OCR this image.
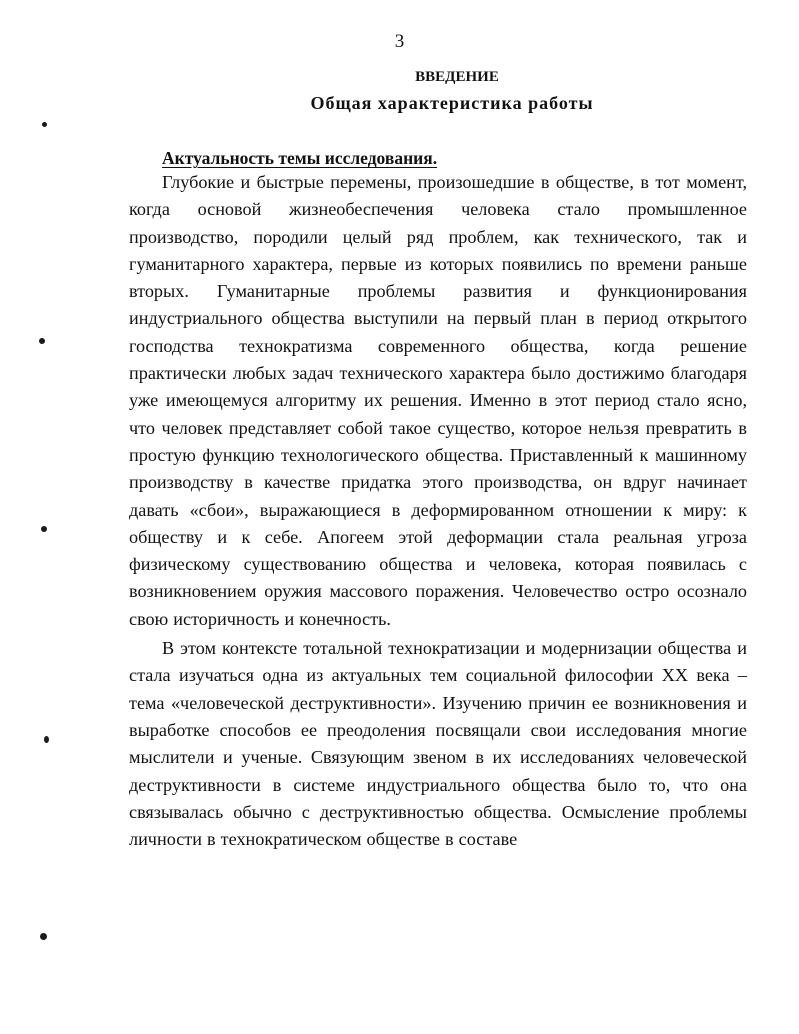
3
ВВЕДЕНИЕ
Общая характеристика работы
Актуальность темы исследования.

Глубокие и быстрые перемены, произошедшие в обществе, в тот момент, когда основой жизнеобеспечения человека стало промышленное производство, породили целый ряд проблем, как технического, так и гуманитарного характера, первые из которых появились по времени раньше вторых. Гуманитарные проблемы развития и функционирования индустриального общества выступили на первый план в период открытого господства технократизма современного общества, когда решение практически любых задач технического характера было достижимо благодаря уже имеющемуся алгоритму их решения. Именно в этот период стало ясно, что человек представляет собой такое существо, которое нельзя превратить в простую функцию технологического общества. Приставленный к машинному производству в качестве придатка этого производства, он вдруг начинает давать «сбои», выражающиеся в деформированном отношении к миру: к обществу и к себе. Апогеем этой деформации стала реальная угроза физическому существованию общества и человека, которая появилась с возникновением оружия массового поражения. Человечество остро осознало свою историчность и конечность.

В этом контексте тотальной технократизации и модернизации общества и стала изучаться одна из актуальных тем социальной философии XX века – тема «человеческой деструктивности». Изучению причин ее возникновения и выработке способов ее преодоления посвящали свои исследования многие мыслители и ученые. Связующим звеном в их исследованиях человеческой деструктивности в системе индустриального общества было то, что она связывалась обычно с деструктивностью общества. Осмысление проблемы личности в технократическом обществе в составе
